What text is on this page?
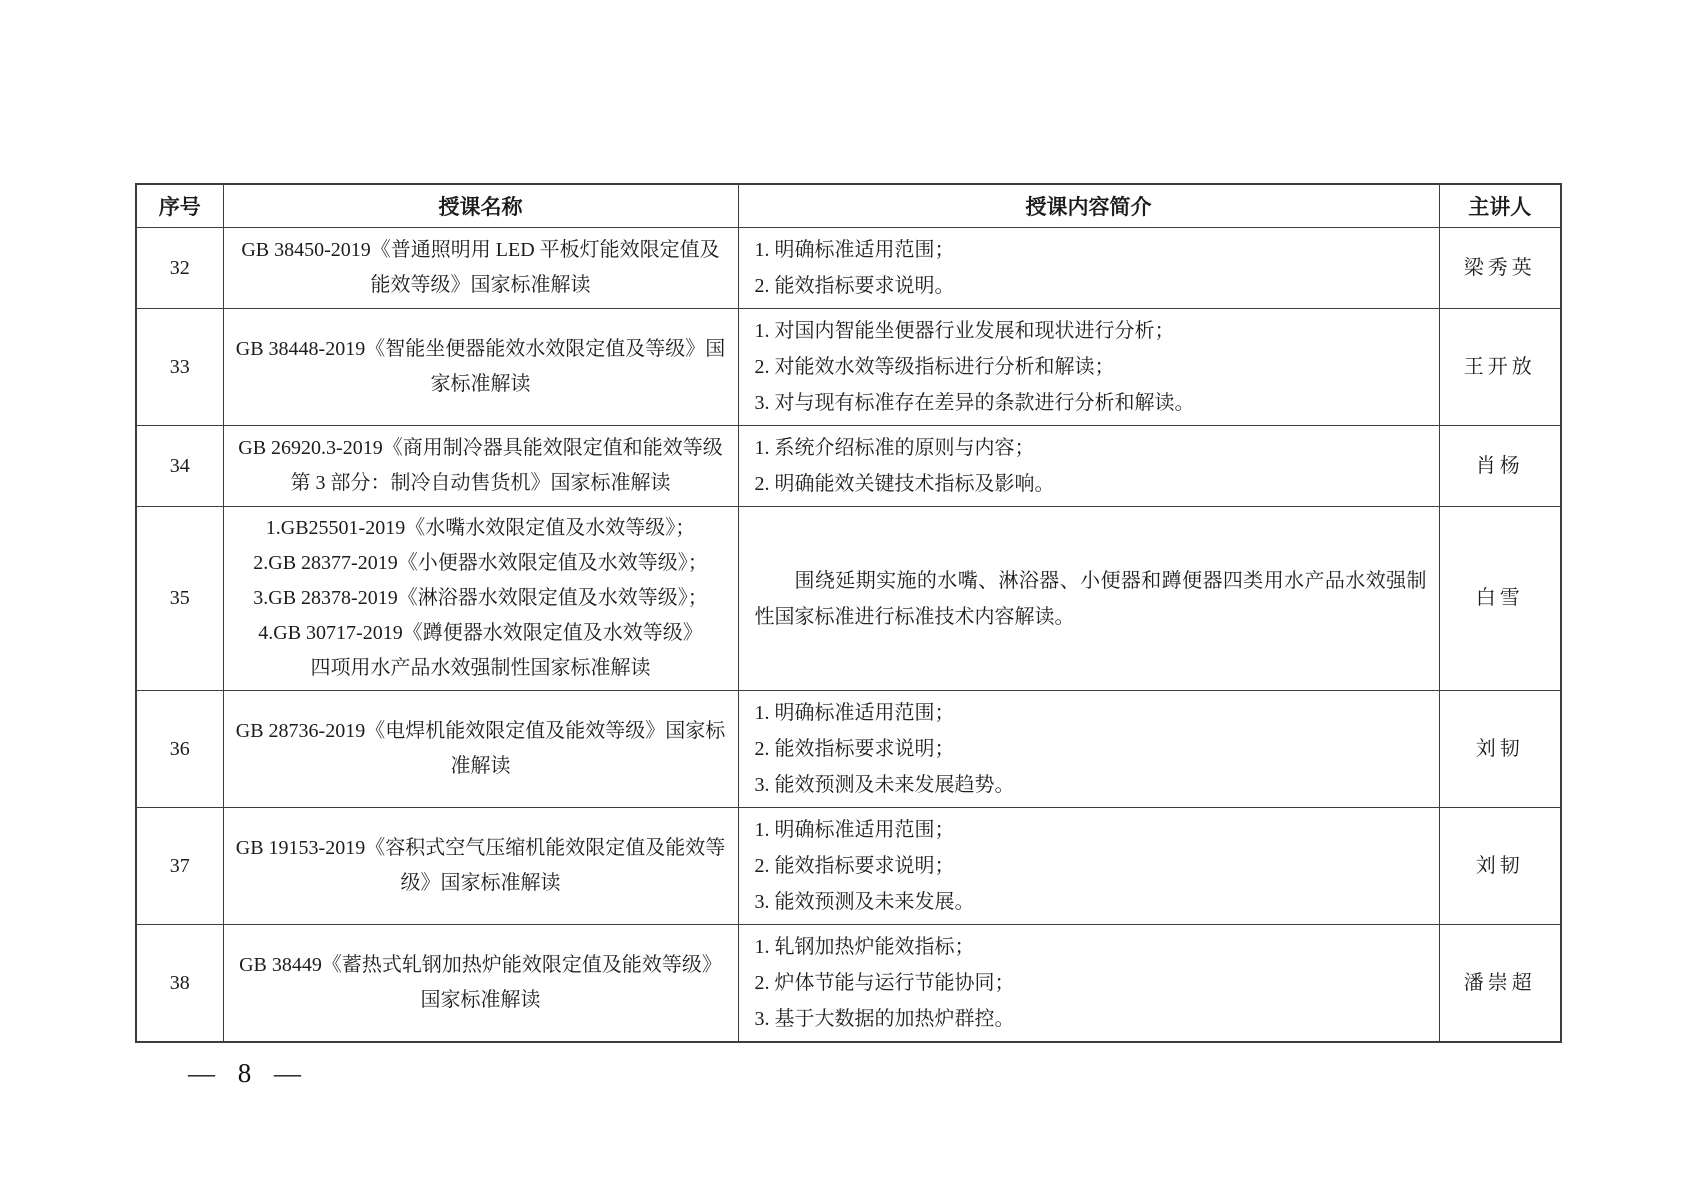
序号	授课名称	授课内容简介	主讲人
32	GB 38450-2019《普通照明用 LED 平板灯能效限定值及能效等级》国家标准解读	1. 明确标准适用范围；
2. 能效指标要求说明。	梁秀英
33	GB 38448-2019《智能坐便器能效水效限定值及等级》国家标准解读	1. 对国内智能坐便器行业发展和现状进行分析；
2. 对能效水效等级指标进行分析和解读；
3. 对与现有标准存在差异的条款进行分析和解读。	王开放
34	GB 26920.3-2019《商用制冷器具能效限定值和能效等级 第 3 部分：制冷自动售货机》国家标准解读	1. 系统介绍标准的原则与内容；
2. 明确能效关键技术指标及影响。	肖杨
35	1.GB25501-2019《水嘴水效限定值及水效等级》；
2.GB 28377-2019《小便器水效限定值及水效等级》；
3.GB 28378-2019《淋浴器水效限定值及水效等级》；
4.GB 30717-2019《蹲便器水效限定值及水效等级》
四项用水产品水效强制性国家标准解读	围绕延期实施的水嘴、淋浴器、小便器和蹲便器四类用水产品水效强制性国家标准进行标准技术内容解读。	白雪
36	GB 28736-2019《电焊机能效限定值及能效等级》国家标准解读	1. 明确标准适用范围；
2. 能效指标要求说明；
3. 能效预测及未来发展趋势。	刘韧
37	GB 19153-2019《容积式空气压缩机能效限定值及能效等级》国家标准解读	1. 明确标准适用范围；
2. 能效指标要求说明；
3. 能效预测及未来发展。	刘韧
38	GB 38449《蓄热式轧钢加热炉能效限定值及能效等级》国家标准解读	1. 轧钢加热炉能效指标；
2. 炉体节能与运行节能协同；
3. 基于大数据的加热炉群控。	潘崇超
— 8 —
